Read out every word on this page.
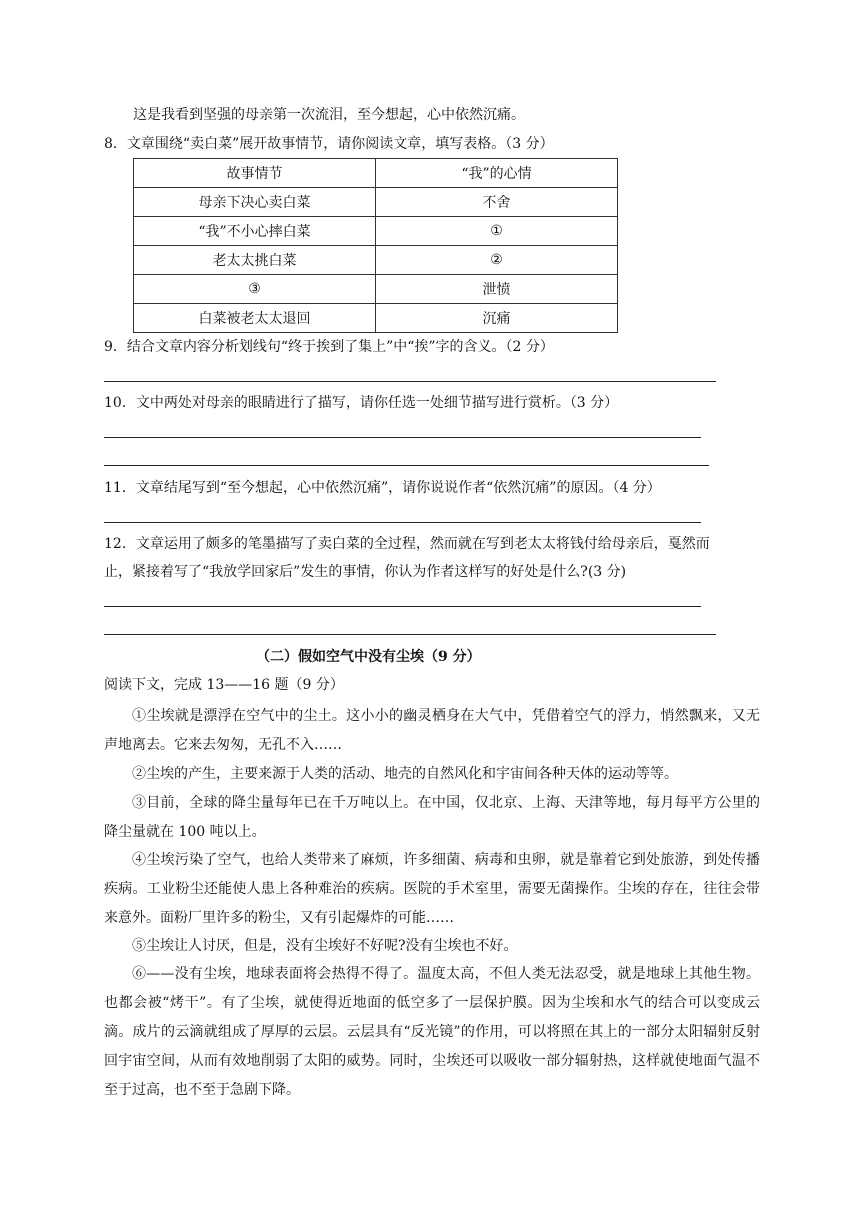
这是我看到坚强的母亲第一次流泪，至今想起，心中依然沉痛。
8．文章围绕“卖白菜”展开故事情节，请你阅读文章，填写表格。（3 分）
故事情节	“我”的心情
母亲下决心卖白菜	不舍
“我”不小心摔白菜	①
老太太挑白菜	②
③	泄愤
白菜被老太太退回	沉痛
9．结合文章内容分析划线句“终于挨到了集上”中“挨”字的含义。（2 分）
10．文中两处对母亲的眼睛进行了描写，请你任选一处细节描写进行赏析。（3 分）
11．文章结尾写到“至今想起，心中依然沉痛”，请你说说作者“依然沉痛”的原因。（4 分）
12．文章运用了颇多的笔墨描写了卖白菜的全过程，然而就在写到老太太将钱付给母亲后，戛然而
止，紧接着写了“我放学回家后”发生的事情，你认为作者这样写的好处是什么?(3 分)
（二）假如空气中没有尘埃（9 分）
阅读下文，完成 13——16 题（9 分）
①尘埃就是漂浮在空气中的尘土。这小小的幽灵栖身在大气中，凭借着空气的浮力，悄然飘来，又无声地离去。它来去匆匆，无孔不入……
②尘埃的产生，主要来源于人类的活动、地壳的自然风化和宇宙间各种天体的运动等等。
③目前，全球的降尘量每年已在千万吨以上。在中国，仅北京、上海、天津等地，每月每平方公里的降尘量就在 100 吨以上。
④尘埃污染了空气，也给人类带来了麻烦，许多细菌、病毒和虫卵，就是靠着它到处旅游，到处传播疾病。工业粉尘还能使人患上各种难治的疾病。医院的手术室里，需要无菌操作。尘埃的存在，往往会带来意外。面粉厂里许多的粉尘，又有引起爆炸的可能……
⑤尘埃让人讨厌，但是，没有尘埃好不好呢?没有尘埃也不好。
⑥——没有尘埃，地球表面将会热得不得了。温度太高，不但人类无法忍受，就是地球上其他生物。也都会被“烤干”。有了尘埃，就使得近地面的低空多了一层保护膜。因为尘埃和水气的结合可以变成云滴。成片的云滴就组成了厚厚的云层。云层具有“反光镜”的作用，可以将照在其上的一部分太阳辐射反射回宇宙空间，从而有效地削弱了太阳的威势。同时，尘埃还可以吸收一部分辐射热，这样就使地面气温不至于过高，也不至于急剧下降。
